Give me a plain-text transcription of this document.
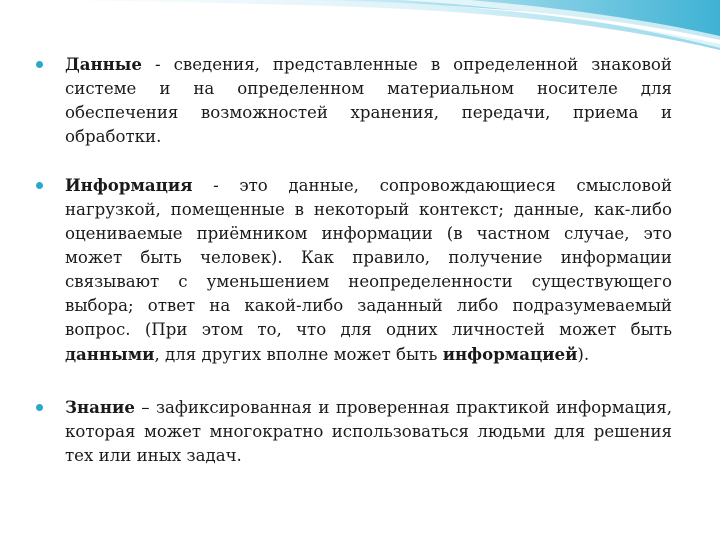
Данные - сведения, представленные в определенной знаковой системе и на определенном материальном носителе для обеспечения возможностей хранения, передачи, приема и обработки.
Информация - это данные, сопровождающиеся смысловой нагрузкой, помещенные в некоторый контекст; данные, как-либо оцениваемые приёмником информации (в частном случае, это может быть человек). Как правило, получение информации связывают с уменьшением неопределенности существующего выбора; ответ на какой-либо заданный либо подразумеваемый вопрос. (При этом то, что для одних личностей может быть данными, для других вполне может быть информацией).
Знание – зафиксированная и проверенная практикой информация, которая может многократно использоваться людьми для решения тех или иных задач.
